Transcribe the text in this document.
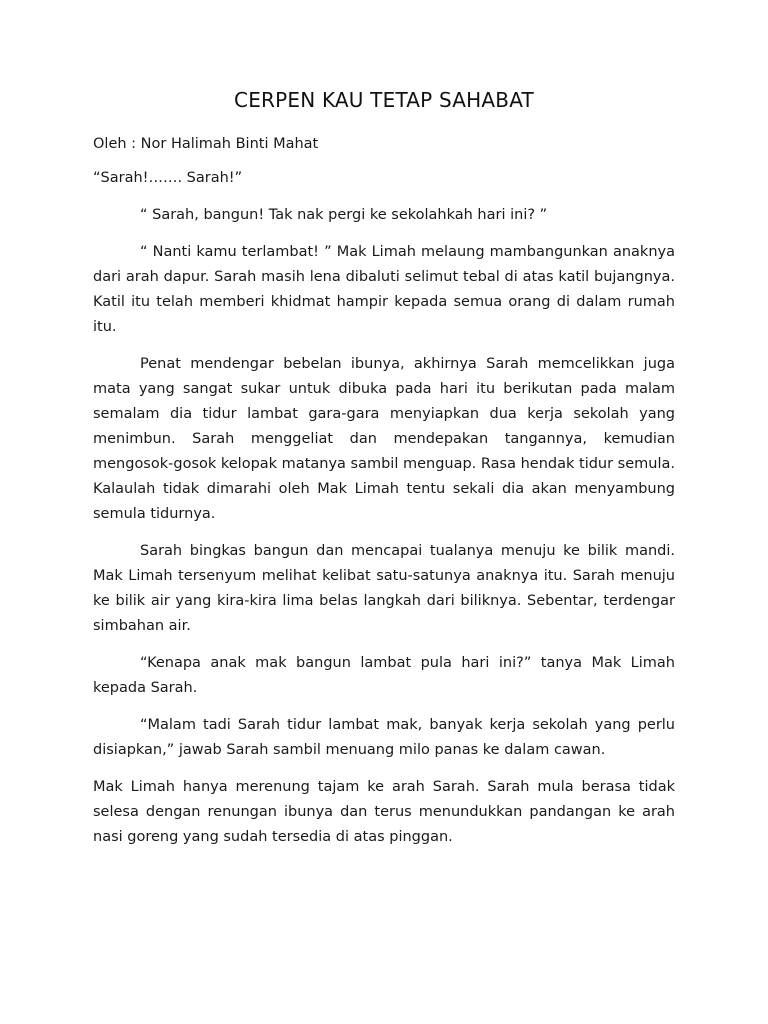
CERPEN KAU TETAP SAHABAT

Oleh : Nor Halimah Binti Mahat

“Sarah!……. Sarah!”

“ Sarah, bangun! Tak nak pergi ke sekolahkah hari ini? ”

“ Nanti kamu terlambat! ” Mak Limah melaung mambangunkan anaknya dari arah dapur. Sarah masih lena dibaluti selimut tebal di atas katil bujangnya. Katil itu telah memberi khidmat hampir kepada semua orang di dalam rumah itu.

Penat mendengar bebelan ibunya, akhirnya Sarah memcelikkan juga mata yang sangat sukar untuk dibuka pada hari itu berikutan pada malam semalam dia tidur lambat gara-gara menyiapkan dua kerja sekolah yang menimbun. Sarah menggeliat dan mendepakan tangannya, kemudian mengosok-gosok kelopak matanya sambil menguap. Rasa hendak tidur semula. Kalaulah tidak dimarahi oleh Mak Limah tentu sekali dia akan menyambung semula tidurnya.

Sarah bingkas bangun dan mencapai tualanya menuju ke bilik mandi. Mak Limah tersenyum melihat kelibat satu-satunya anaknya itu. Sarah menuju ke bilik air yang kira-kira lima belas langkah dari biliknya. Sebentar, terdengar simbahan air.

“Kenapa anak mak bangun lambat pula hari ini?” tanya Mak Limah kepada Sarah.

“Malam tadi Sarah tidur lambat mak, banyak kerja sekolah yang perlu disiapkan,” jawab Sarah sambil menuang milo panas ke dalam cawan.

Mak Limah hanya merenung tajam ke arah Sarah. Sarah mula berasa tidak selesa dengan renungan ibunya dan terus menundukkan pandangan ke arah nasi goreng yang sudah tersedia di atas pinggan.
